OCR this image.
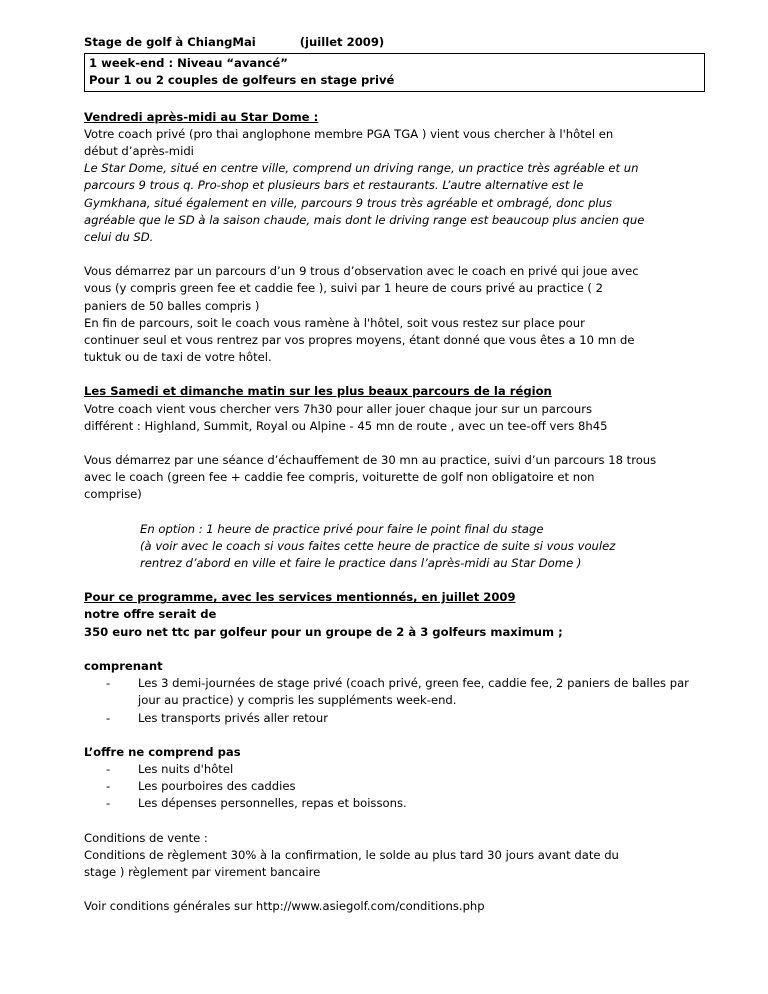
Stage de golf à ChiangMai	(juillet 2009)

1 week-end : Niveau “avancé”

Pour 1 ou 2 couples de golfeurs en stage privé

Vendredi après-midi au Star Dome :

Votre coach privé (pro thai anglophone membre PGA TGA ) vient vous chercher à l'hôtel en

début d’après-midi

Le Star Dome, situé en centre ville, comprend un driving range, un practice très agréable et un

parcours 9 trous q. Pro-shop et plusieurs bars et restaurants. L’autre alternative est le

Gymkhana, situé également en ville, parcours 9 trous très agréable et ombragé, donc plus

agréable que le SD à la saison chaude, mais dont le driving range est beaucoup plus ancien que

celui du SD.

Vous démarrez par un parcours d’un 9 trous d’observation avec le coach en privé qui joue avec

vous (y compris green fee et caddie fee ), suivi par 1 heure de cours privé au practice ( 2

paniers de 50 balles compris )

En fin de parcours, soit le coach vous ramène à l'hôtel, soit vous restez sur place pour

continuer seul et vous rentrez par vos propres moyens, étant donné que vous êtes a 10 mn de

tuktuk ou de taxi de votre hôtel.

Les Samedi et dimanche matin sur les plus beaux parcours de la région

Votre coach vient vous chercher vers 7h30 pour aller jouer chaque jour sur un parcours

différent : Highland, Summit, Royal ou Alpine - 45 mn de route , avec un tee-off vers 8h45

Vous démarrez par une séance d’échauffement de 30 mn au practice, suivi d’un parcours 18 trous

avec le coach (green fee + caddie fee compris, voiturette de golf non obligatoire et non

comprise)

En option : 1 heure de practice privé pour faire le point final du stage

(à voir avec le coach si vous faites cette heure de practice de suite si vous voulez

rentrez d’abord en ville et faire le practice dans l’après-midi au Star Dome )

Pour ce programme, avec les services mentionnés, en juillet 2009

notre offre serait de

350 euro net ttc par golfeur pour un groupe de 2 à 3 golfeurs maximum ;

comprenant

- Les 3 demi-journées de stage privé (coach privé, green fee, caddie fee, 2 paniers de balles par jour au practice) y compris les suppléments week-end.
- Les transports privés aller retour

L’offre ne comprend pas

- Les nuits d'hôtel
- Les pourboires des caddies
- Les dépenses personnelles, repas et boissons.

Conditions de vente :

Conditions de règlement 30% à la confirmation, le solde au plus tard 30 jours avant date du

stage ) règlement par virement bancaire

Voir conditions générales sur http://www.asiegolf.com/conditions.php
